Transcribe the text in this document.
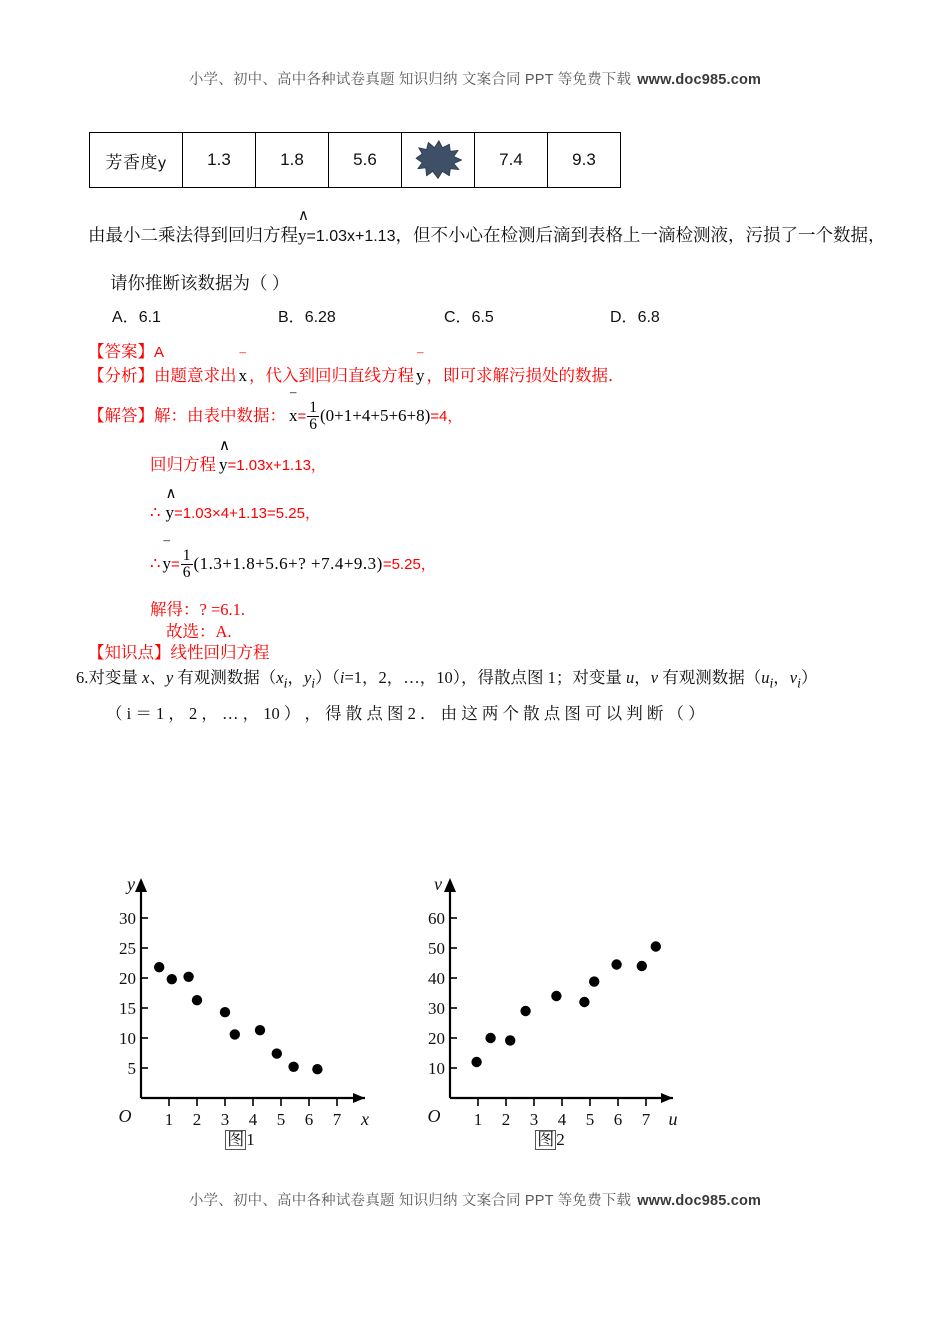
小学、初中、高中各种试卷真题 知识归纳 文案合同 PPT 等免费下载 www.doc985.com
芳香度y	1.3	1.8	5.6		7.4	9.3
由最小二乘法得到回归方程
∧
y=1.03x+1.13，但不小心在检测后滴到表格上一滴检测液，污损了一个数据，
请你推断该数据为（ ）
A．6.1	B．6.28	C．6.5	D．6.8
【答案】A
【分析】由题意求出
‾
x ，代入到回归直线方程
‾
y ，即可求解污损处的数据．
【解答】解：由表中数据：
‾
$x= \frac{1}{6} (0+1+4+5+6+8)=4$，
回归方程
∧
y=1.03x+1.13，
∴
∧
y=1.03×4+1.13=5.25，
∴
‾
$y= \frac{1}{6} (1.3+1.8+5.6+$? +7.4+9.3)=5.25，
解得：? =6.1.
故选：A.
【知识点】线性回归方程
6.对变量 x、y 有观测数据（$x_i$，$y_i)(i=1$，2，…，10），得散点图 1；对变量 u，v 有观测数据（$u_i$，$v_i$）
（ i ＝ 1 ， 2 ， … ， 10 ） ， 得 散 点 图 2 ． 由 这 两 个 散 点 图 可 以 判 断 （ ）
5
10
15
20
25
30
1 2 3 4 5 6 7
y
x
O
图 1
10
20
30
40
50
60
1 2 3 4 5 6 7
v
u
O
图 2
小学、初中、高中各种试卷真题 知识归纳 文案合同 PPT 等免费下载 www.doc985.com
